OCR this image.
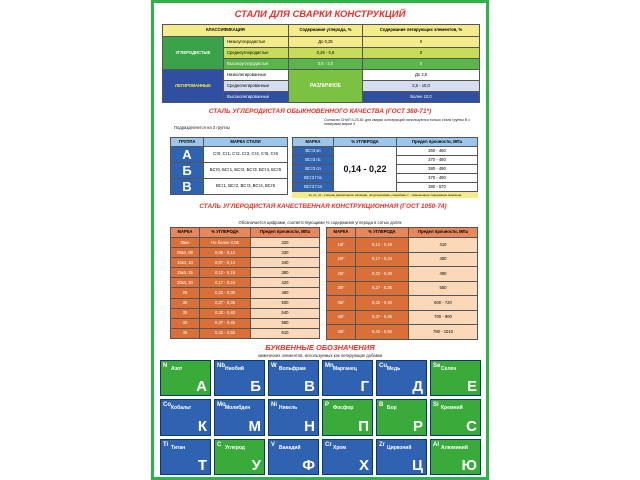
СТАЛИ ДЛЯ СВАРКИ КОНСТРУКЦИЙ
КЛАССИФИКАЦИЯ		Содержание углерода, %	Содержание легирующих элементов, %
УГЛЕРОДИСТЫЕ	Низкоуглеродистые	До 0,25	0
	Среднеуглеродистые	0,25 - 0,6	0
	Высокоуглеродистые	0,6 - 2,0	0
ЛЕГИРОВАННЫЕ	Низколегированные	РАЗЛИЧНОЕ	До 2,5
	Среднелегированные		2,5 - 10,0
	Высоколегированные		Более 10,0
СТАЛЬ УГЛЕРОДИСТАЯ ОБЫКНОВЕННОГО КАЧЕСТВА (ГОСТ 380-71*)
Подразделяется на 3 группы
Согласно СНиП II-23-81 для сварки конструкций используются только стали группы В с номерами марки 3
ГРУППА	МАРКА СТАЛИ
А	Ст0, Ст1, Ст2, Ст3, Ст4, Ст5, Ст6
Б	БСт0, БСт1, БСт2, БСт3, БСт4, БСт5
В	ВСт1, ВСт2, ВСт3, ВСт4, ВСт5
МАРКА	% УГЛЕРОДА	Предел прочности, МПа
ВСт3 кп	0,14 - 0,22	360 - 460
ВСт3 пс		370 - 480
ВСт3 сп		380 - 490
ВСт3 Гпс		370 - 490
ВСт3 Гсп		380 - 570
кп, пс, сп - степень раскисления: кипящая, полуспокойная, спокойная; Г - повышенное содержание марганца
СТАЛЬ УГЛЕРОДИСТАЯ КАЧЕСТВЕННАЯ КОНСТРУКЦИОННАЯ (ГОСТ 1050-74)
Обозначается цифрами, соответствующими % содержания углерода в сотых долях
МАРКА	% УГЛЕРОДА	Предел прочности, МПа
05кп	Не более 0,06	320
08кп, 08	0,05 - 0,12	330
10кп, 10	0,07 - 0,14	340
15кп, 15	0,12 - 0,19	380
20кп, 20	0,17 - 0,24	420
25	0,22 - 0,30	460
30	0,27 - 0,35	500
35	0,32 - 0,40	540
40	0,37 - 0,45	580
45	0,42 - 0,50	610
МАРКА	% УГЛЕРОДА	Предел прочности, МПа
15Г	0,12 - 0,19	410
20Г	0,17 - 0,24	450
25Г	0,22 - 0,30	490
30Г	0,27 - 0,35	550
35Г	0,32 - 0,40	600 - 720
40Г	0,37 - 0,45	700 - 900
45Г	0,42 - 0,50	780 - 1010
БУКВЕННЫЕ ОБОЗНАЧЕНИЯ
химических элементов, используемых как легирующие добавки
N Азот
А
Nb Ниобий
Б
W Вольфрам
В
Mn Марганец
Г
Cu Медь
Д
Se Селен
Е
Co Кобальт
К
Mo Молибден
М
Ni Никель
Н
P Фосфор
П
B Бор
Р
Si Кремний
С
Ti Титан
Т
C Углерод
У
V Ванадий
Ф
Cr Хром
Х
Zr Цирконий
Ц
Al Алюминий
Ю
